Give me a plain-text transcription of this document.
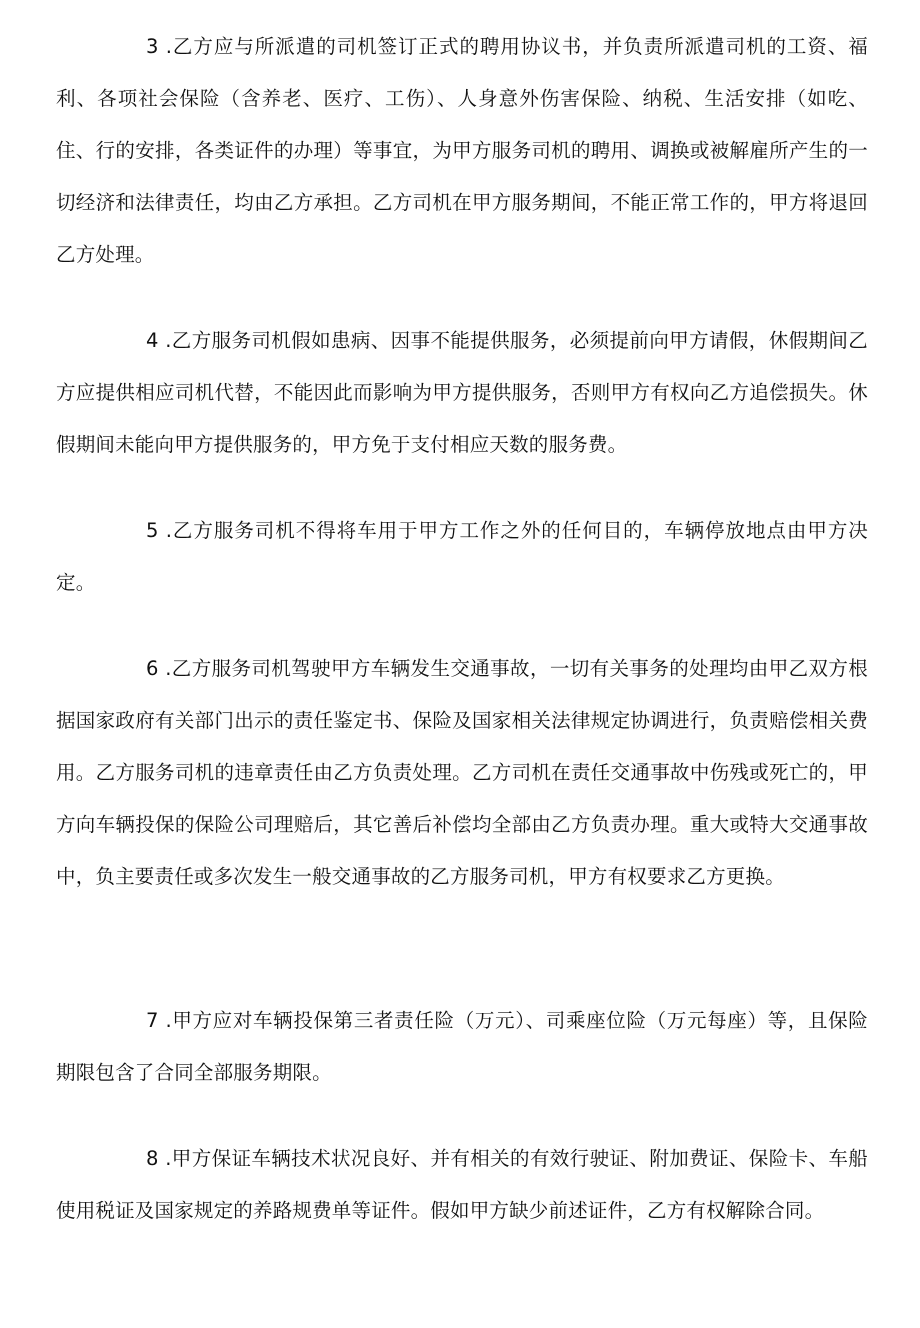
3 .乙方应与所派遣的司机签订正式的聘用协议书，并负责所派遣司机的工资、福利、各项社会保险（含养老、医疗、工伤）、人身意外伤害保险、纳税、生活安排（如吃、住、行的安排，各类证件的办理）等事宜，为甲方服务司机的聘用、调换或被解雇所产生的一切经济和法律责任，均由乙方承担。乙方司机在甲方服务期间，不能正常工作的，甲方将退回乙方处理。

4 .乙方服务司机假如患病、因事不能提供服务，必须提前向甲方请假，休假期间乙方应提供相应司机代替，不能因此而影响为甲方提供服务，否则甲方有权向乙方追偿损失。休假期间未能向甲方提供服务的，甲方免于支付相应天数的服务费。

5 .乙方服务司机不得将车用于甲方工作之外的任何目的，车辆停放地点由甲方决定。

6 .乙方服务司机驾驶甲方车辆发生交通事故，一切有关事务的处理均由甲乙双方根据国家政府有关部门出示的责任鉴定书、保险及国家相关法律规定协调进行，负责赔偿相关费用。乙方服务司机的违章责任由乙方负责处理。乙方司机在责任交通事故中伤残或死亡的，甲方向车辆投保的保险公司理赔后，其它善后补偿均全部由乙方负责办理。重大或特大交通事故中，负主要责任或多次发生一般交通事故的乙方服务司机，甲方有权要求乙方更换。

7 .甲方应对车辆投保第三者责任险（万元）、司乘座位险（万元每座）等，且保险期限包含了合同全部服务期限。

8 .甲方保证车辆技术状况良好、并有相关的有效行驶证、附加费证、保险卡、车船使用税证及国家规定的养路规费单等证件。假如甲方缺少前述证件，乙方有权解除合同。
